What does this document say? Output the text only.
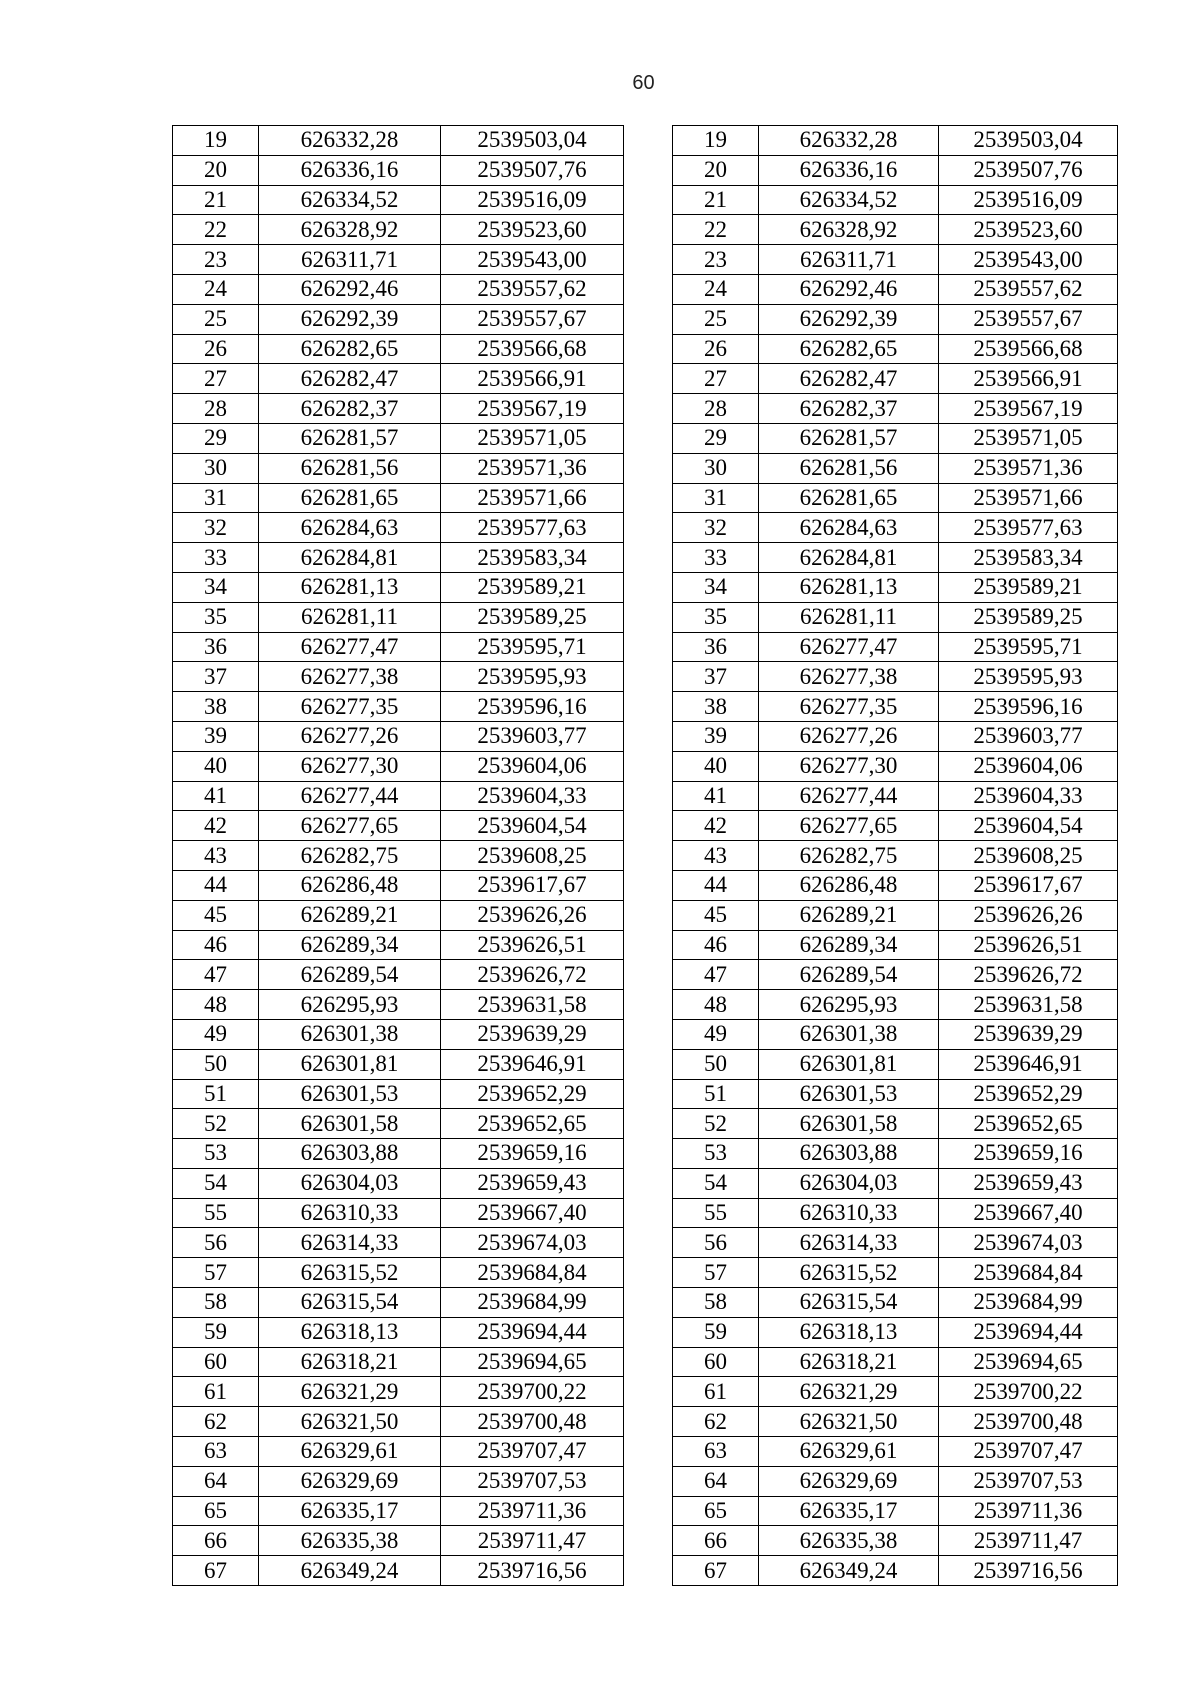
60
19	626332,28	2539503,04		19	626332,28	2539503,04
20	626336,16	2539507,76		20	626336,16	2539507,76
21	626334,52	2539516,09		21	626334,52	2539516,09
22	626328,92	2539523,60		22	626328,92	2539523,60
23	626311,71	2539543,00		23	626311,71	2539543,00
24	626292,46	2539557,62		24	626292,46	2539557,62
25	626292,39	2539557,67		25	626292,39	2539557,67
26	626282,65	2539566,68		26	626282,65	2539566,68
27	626282,47	2539566,91		27	626282,47	2539566,91
28	626282,37	2539567,19		28	626282,37	2539567,19
29	626281,57	2539571,05		29	626281,57	2539571,05
30	626281,56	2539571,36		30	626281,56	2539571,36
31	626281,65	2539571,66		31	626281,65	2539571,66
32	626284,63	2539577,63		32	626284,63	2539577,63
33	626284,81	2539583,34		33	626284,81	2539583,34
34	626281,13	2539589,21		34	626281,13	2539589,21
35	626281,11	2539589,25		35	626281,11	2539589,25
36	626277,47	2539595,71		36	626277,47	2539595,71
37	626277,38	2539595,93		37	626277,38	2539595,93
38	626277,35	2539596,16		38	626277,35	2539596,16
39	626277,26	2539603,77		39	626277,26	2539603,77
40	626277,30	2539604,06		40	626277,30	2539604,06
41	626277,44	2539604,33		41	626277,44	2539604,33
42	626277,65	2539604,54		42	626277,65	2539604,54
43	626282,75	2539608,25		43	626282,75	2539608,25
44	626286,48	2539617,67		44	626286,48	2539617,67
45	626289,21	2539626,26		45	626289,21	2539626,26
46	626289,34	2539626,51		46	626289,34	2539626,51
47	626289,54	2539626,72		47	626289,54	2539626,72
48	626295,93	2539631,58		48	626295,93	2539631,58
49	626301,38	2539639,29		49	626301,38	2539639,29
50	626301,81	2539646,91		50	626301,81	2539646,91
51	626301,53	2539652,29		51	626301,53	2539652,29
52	626301,58	2539652,65		52	626301,58	2539652,65
53	626303,88	2539659,16		53	626303,88	2539659,16
54	626304,03	2539659,43		54	626304,03	2539659,43
55	626310,33	2539667,40		55	626310,33	2539667,40
56	626314,33	2539674,03		56	626314,33	2539674,03
57	626315,52	2539684,84		57	626315,52	2539684,84
58	626315,54	2539684,99		58	626315,54	2539684,99
59	626318,13	2539694,44		59	626318,13	2539694,44
60	626318,21	2539694,65		60	626318,21	2539694,65
61	626321,29	2539700,22		61	626321,29	2539700,22
62	626321,50	2539700,48		62	626321,50	2539700,48
63	626329,61	2539707,47		63	626329,61	2539707,47
64	626329,69	2539707,53		64	626329,69	2539707,53
65	626335,17	2539711,36		65	626335,17	2539711,36
66	626335,38	2539711,47		66	626335,38	2539711,47
67	626349,24	2539716,56		67	626349,24	2539716,56
